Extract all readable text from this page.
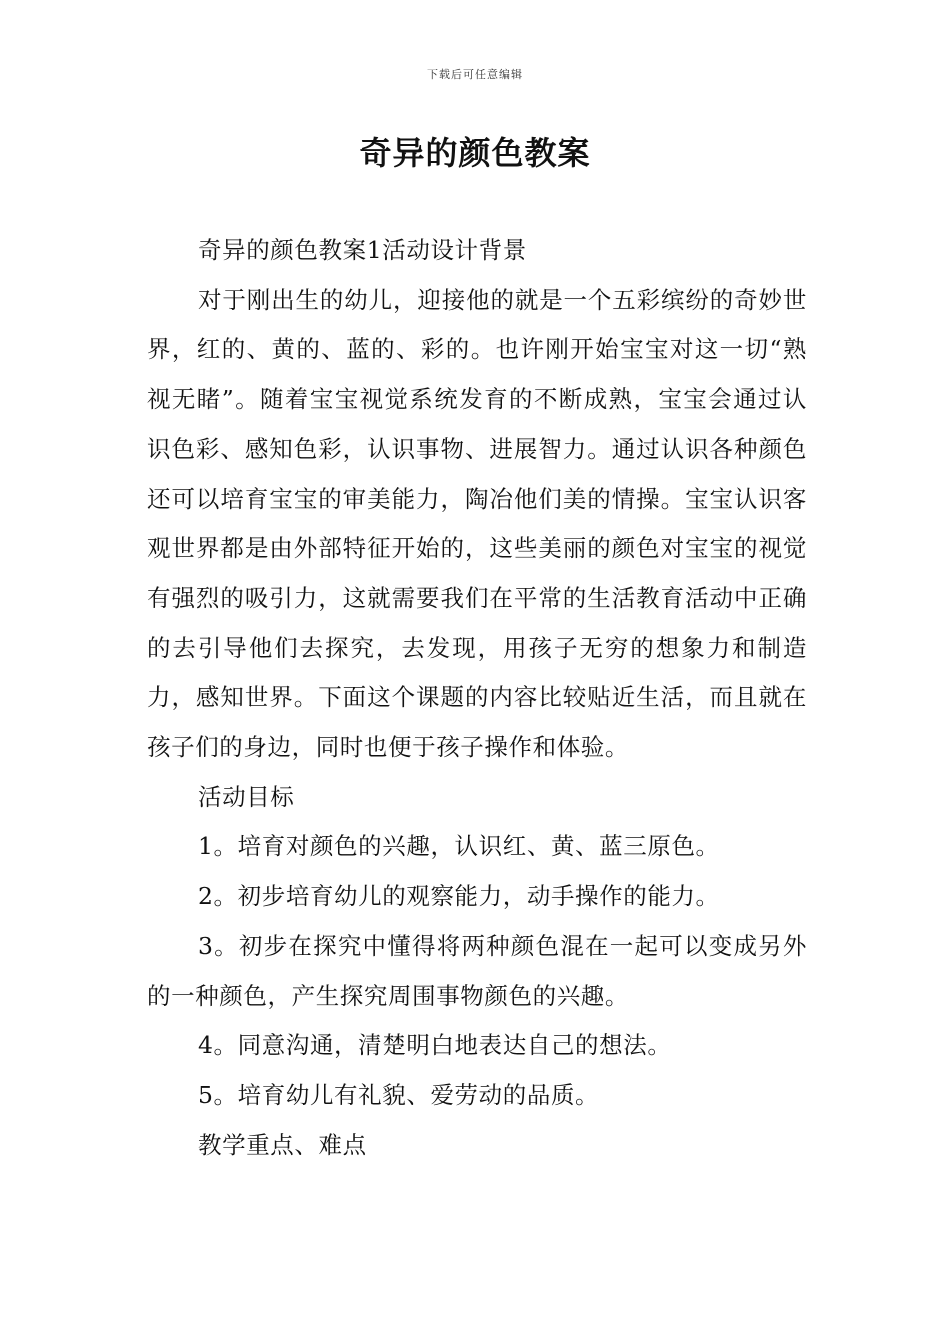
下载后可任意编辑
奇异的颜色教案

奇异的颜色教案1活动设计背景

对于刚出生的幼儿，迎接他的就是一个五彩缤纷的奇妙世界，红的、黄的、蓝的、彩的。也许刚开始宝宝对这一切“熟视无睹”。随着宝宝视觉系统发育的不断成熟，宝宝会通过认识色彩、感知色彩，认识事物、进展智力。通过认识各种颜色还可以培育宝宝的审美能力，陶冶他们美的情操。宝宝认识客观世界都是由外部特征开始的，这些美丽的颜色对宝宝的视觉有强烈的吸引力，这就需要我们在平常的生活教育活动中正确的去引导他们去探究，去发现，用孩子无穷的想象力和制造力，感知世界。下面这个课题的内容比较贴近生活，而且就在孩子们的身边，同时也便于孩子操作和体验。

活动目标

1。培育对颜色的兴趣，认识红、黄、蓝三原色。

2。初步培育幼儿的观察能力，动手操作的能力。

3。初步在探究中懂得将两种颜色混在一起可以变成另外的一种颜色，产生探究周围事物颜色的兴趣。

4。同意沟通，清楚明白地表达自己的想法。

5。培育幼儿有礼貌、爱劳动的品质。

教学重点、难点
